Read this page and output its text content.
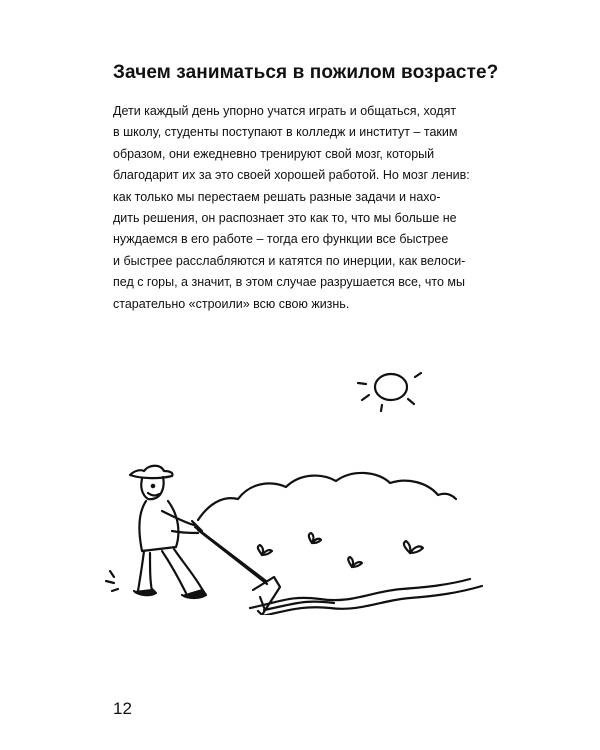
Зачем заниматься в пожилом возрасте?
Дети каждый день упорно учатся играть и общаться, ходят
в школу, студенты поступают в колледж и институт – таким
образом, они ежедневно тренируют свой мозг, который
благодарит их за это своей хорошей работой. Но мозг ленив:
как только мы перестаем решать разные задачи и нахо-
дить решения, он распознает это как то, что мы больше не
нуждаемся в его работе – тогда его функции все быстрее
и быстрее расслабляются и катятся по инерции, как велоси-
пед с горы, а значит, в этом случае разрушается все, что мы
старательно «строили» всю свою жизнь.
12
